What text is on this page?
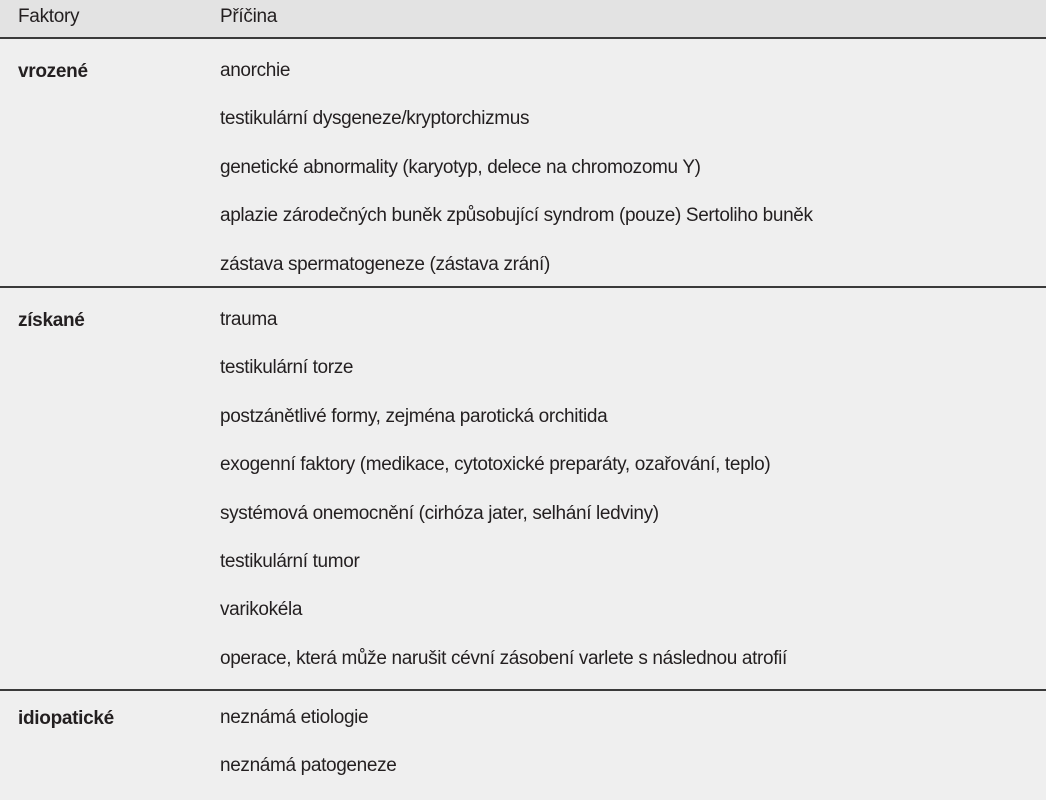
Faktory	Příčina
vrozené	anorchie
testikulární dysgeneze/kryptorchizmus
genetické abnormality (karyotyp, delece na chromozomu Y)
aplazie zárodečných buněk způsobující syndrom (pouze) Sertoliho buněk
zástava spermatogeneze (zástava zrání)
získané	trauma
testikulární torze
postzánětlivé formy, zejména parotická orchitida
exogenní faktory (medikace, cytotoxické preparáty, ozařování, teplo)
systémová onemocnění (cirhóza jater, selhání ledviny)
testikulární tumor
varikokéla
operace, která může narušit cévní zásobení varlete s následnou atrofií
idiopatické	neznámá etiologie
neznámá patogeneze
